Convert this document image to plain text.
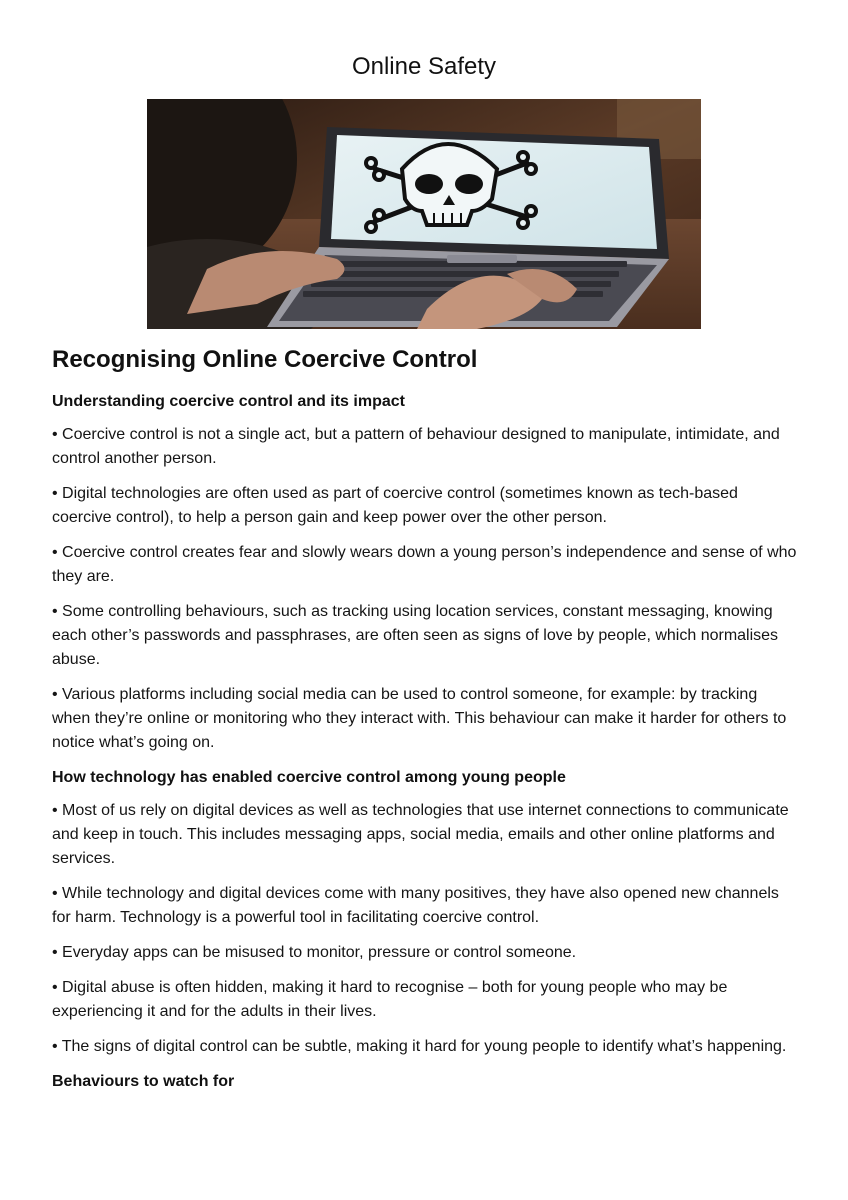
Online Safety
Recognising Online Coercive Control
Understanding coercive control and its impact

• Coercive control is not a single act, but a pattern of behaviour designed to manipulate, intimidate, and control another person.

• Digital technologies are often used as part of coercive control (sometimes known as tech-based coercive control), to help a person gain and keep power over the other person.

• Coercive control creates fear and slowly wears down a young person’s independence and sense of who they are.

• Some controlling behaviours, such as tracking using location services, constant messaging, knowing each other’s passwords and passphrases, are often seen as signs of love by people, which normalises abuse.

• Various platforms including social media can be used to control someone, for example: by tracking when they’re online or monitoring who they interact with. This behaviour can make it harder for others to notice what’s going on.

How technology has enabled coercive control among young people

• Most of us rely on digital devices as well as technologies that use internet connections to communicate and keep in touch. This includes messaging apps, social media, emails and other online platforms and services.

• While technology and digital devices come with many positives, they have also opened new channels for harm. Technology is a powerful tool in facilitating coercive control.

• Everyday apps can be misused to monitor, pressure or control someone.

• Digital abuse is often hidden, making it hard to recognise – both for young people who may be experiencing it and for the adults in their lives.

• The signs of digital control can be subtle, making it hard for young people to identify what’s happening.

Behaviours to watch for
